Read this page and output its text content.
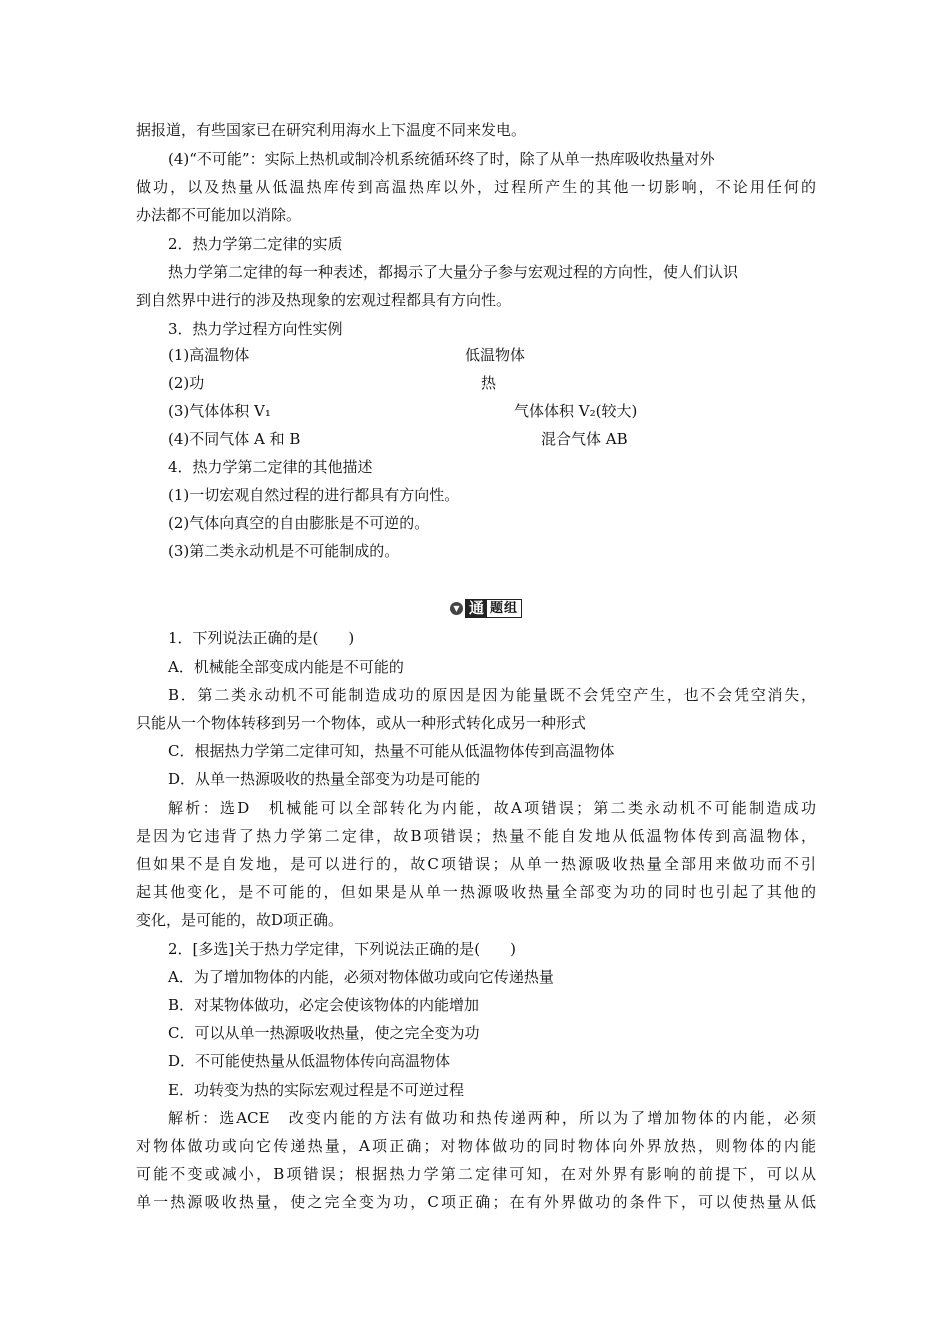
据报道，有些国家已在研究利用海水上下温度不同来发电。
(4)“不可能”：实际上热机或制冷机系统循环终了时，除了从单一热库吸收热量对外
做功，以及热量从低温热库传到高温热库以外，过程所产生的其他一切影响，不论用任何的
办法都不可能加以消除。
2．热力学第二定律的实质
热力学第二定律的每一种表述，都揭示了大量分子参与宏观过程的方向性，使人们认识
到自然界中进行的涉及热现象的宏观过程都具有方向性。
3．热力学过程方向性实例
(1)高温物体	低温物体
(2)功	热
(3)气体体积 V₁	气体体积 V₂(较大)
(4)不同气体 A 和 B	混合气体 AB
4．热力学第二定律的其他描述
(1)一切宏观自然过程的进行都具有方向性。
(2)气体向真空的自由膨胀是不可逆的。
(3)第二类永动机是不可能制成的。
▼ 通 题组
1．下列说法正确的是(　　)
A．机械能全部变成内能是不可能的
B．第二类永动机不可能制造成功的原因是因为能量既不会凭空产生，也不会凭空消失，
只能从一个物体转移到另一个物体，或从一种形式转化成另一种形式
C．根据热力学第二定律可知，热量不可能从低温物体传到高温物体
D．从单一热源吸收的热量全部变为功是可能的
解析：选D　机械能可以全部转化为内能，故A项错误；第二类永动机不可能制造成功
是因为它违背了热力学第二定律，故B项错误；热量不能自发地从低温物体传到高温物体，
但如果不是自发地，是可以进行的，故C项错误；从单一热源吸收热量全部用来做功而不引
起其他变化，是不可能的，但如果是从单一热源吸收热量全部变为功的同时也引起了其他的
变化，是可能的，故D项正确。
2．[多选]关于热力学定律，下列说法正确的是(　　)
A．为了增加物体的内能，必须对物体做功或向它传递热量
B．对某物体做功，必定会使该物体的内能增加
C．可以从单一热源吸收热量，使之完全变为功
D．不可能使热量从低温物体传向高温物体
E．功转变为热的实际宏观过程是不可逆过程
解析：选ACE　改变内能的方法有做功和热传递两种，所以为了增加物体的内能，必须
对物体做功或向它传递热量，A项正确；对物体做功的同时物体向外界放热，则物体的内能
可能不变或减小，B项错误；根据热力学第二定律可知，在对外界有影响的前提下，可以从
单一热源吸收热量，使之完全变为功，C项正确；在有外界做功的条件下，可以使热量从低
